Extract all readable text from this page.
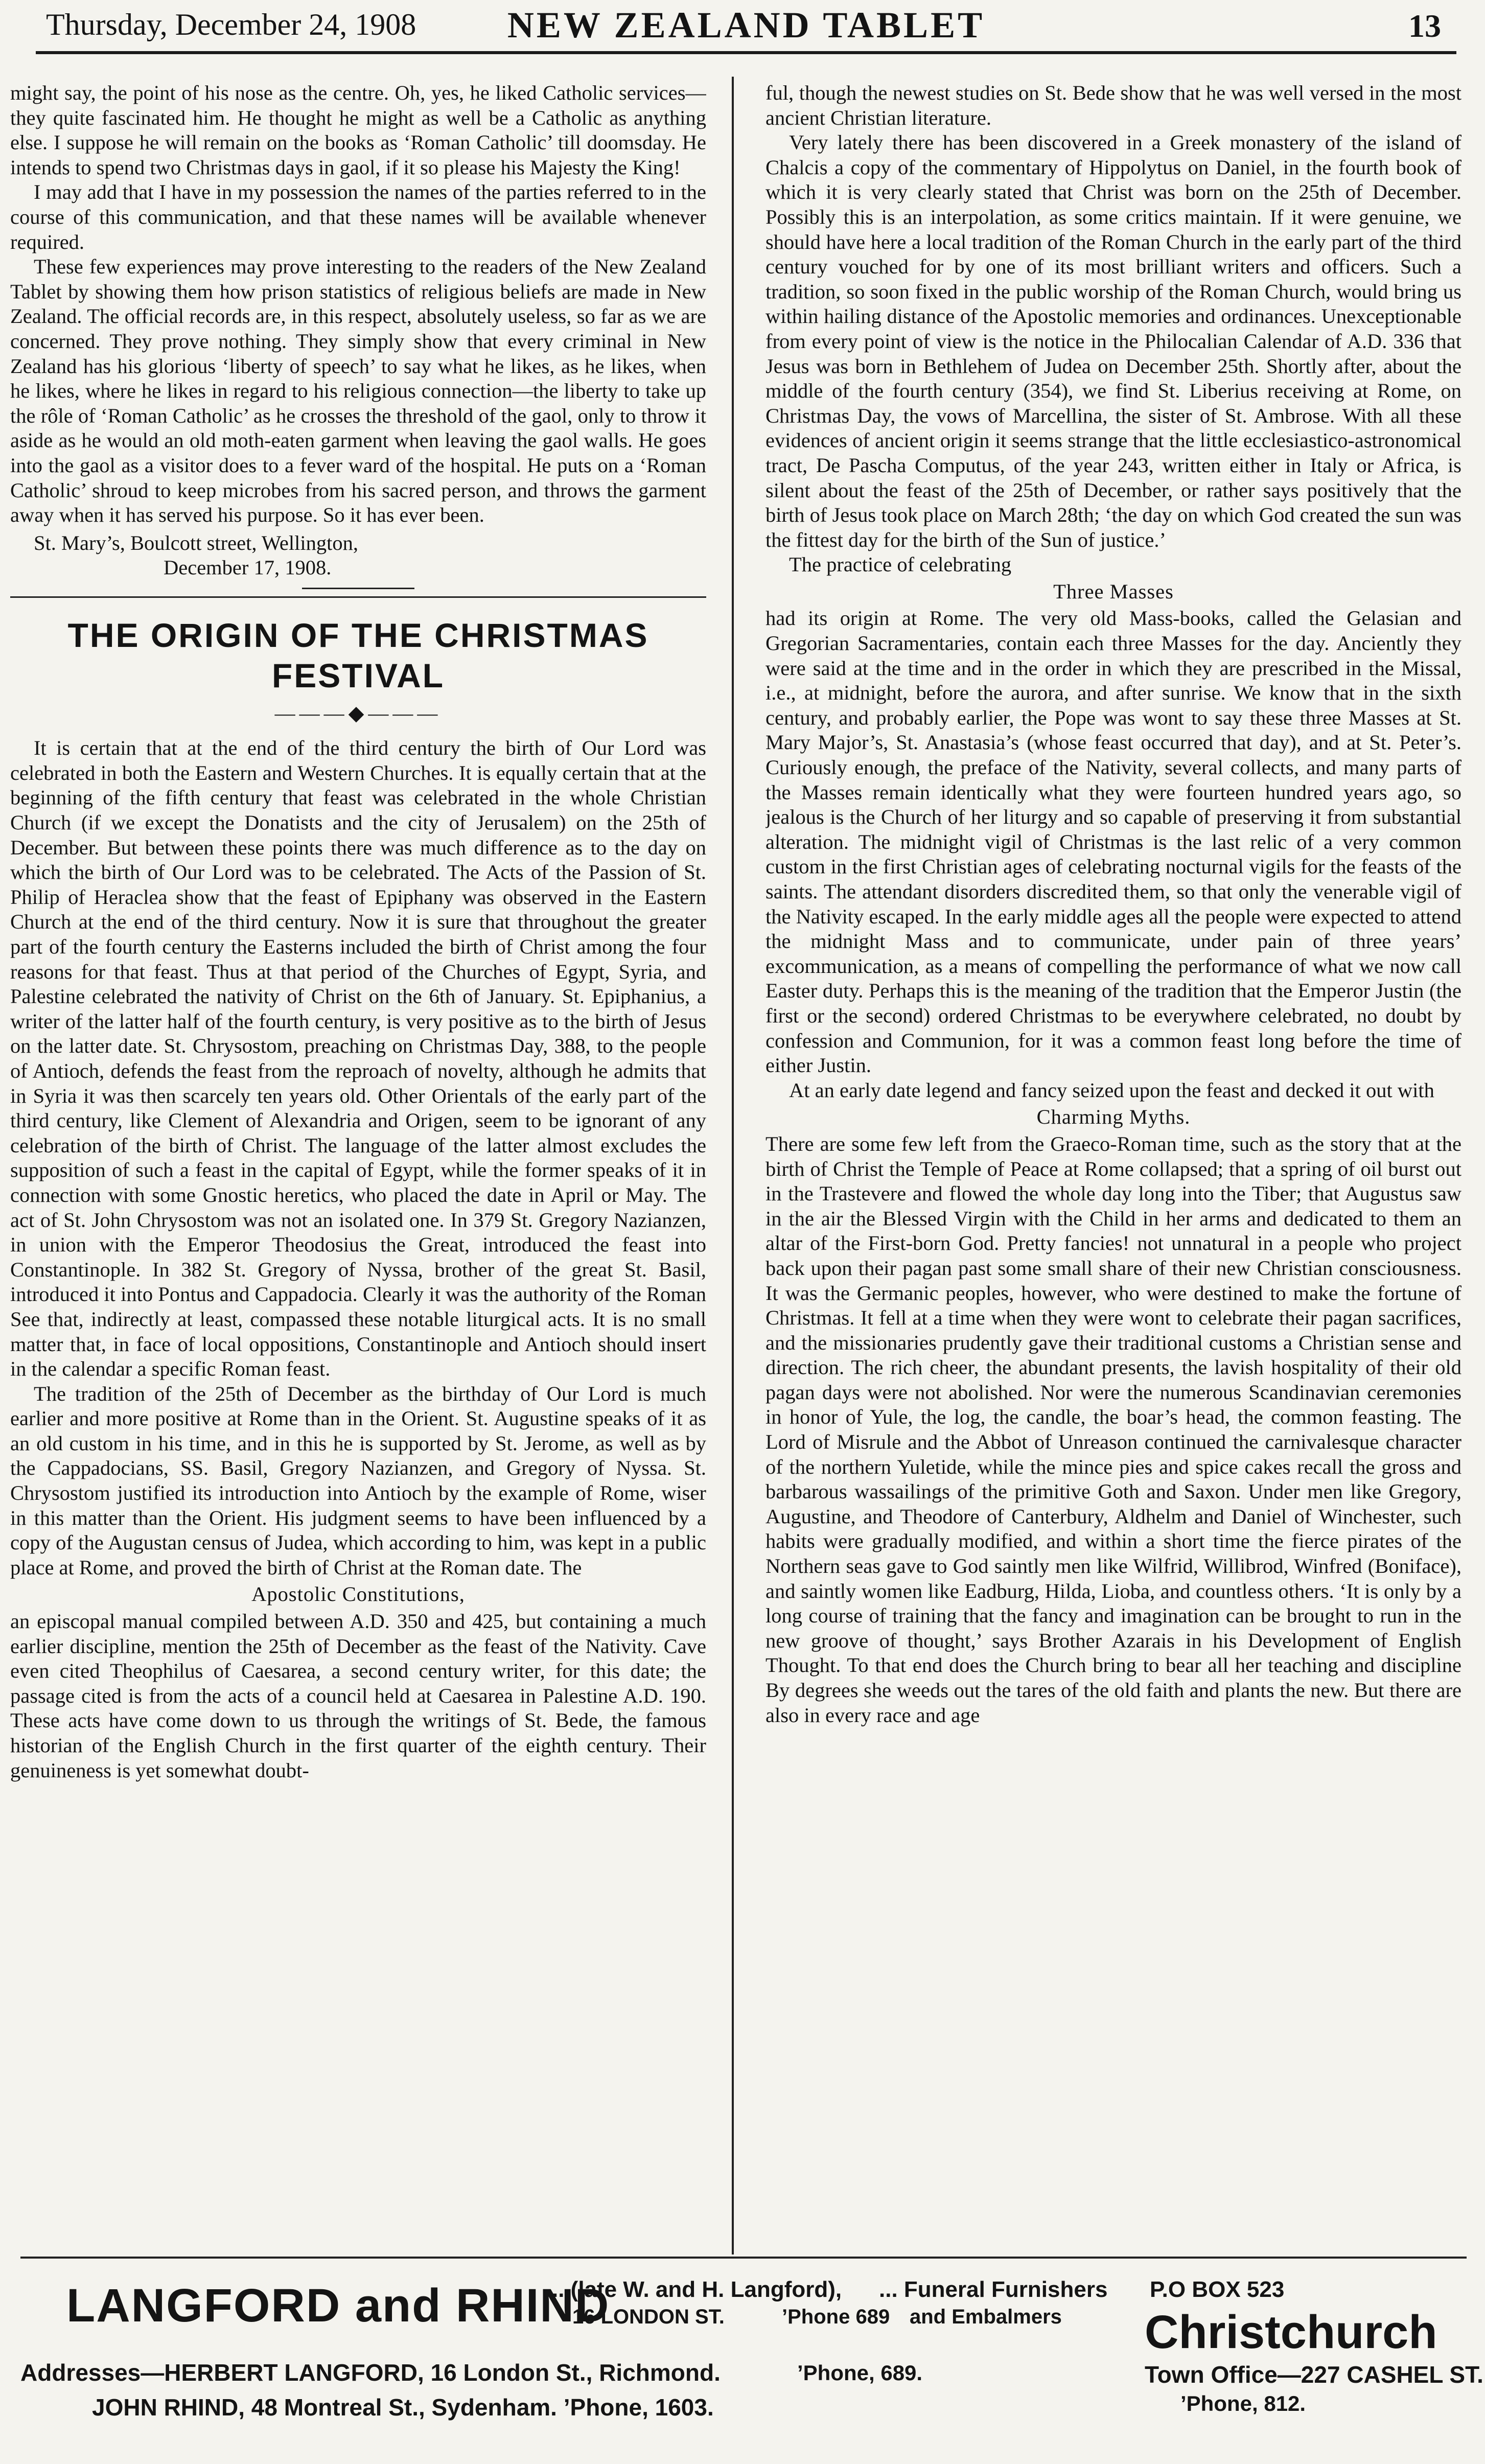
Thursday, December 24, 1908	NEW ZEALAND TABLET	13

might say, the point of his nose as the centre. Oh, yes, he liked Catholic services—they quite fascinated him. He thought he might as well be a Catholic as anything else. I suppose he will remain on the books as ‘Roman Catholic’ till doomsday. He intends to spend two Christmas days in gaol, if it so please his Majesty the King!

I may add that I have in my possession the names of the parties referred to in the course of this communication, and that these names will be available whenever required.

These few experiences may prove interesting to the readers of the New Zealand Tablet by showing them how prison statistics of religious beliefs are made in New Zealand. The official records are, in this respect, absolutely useless, so far as we are concerned. They prove nothing. They simply show that every criminal in New Zealand has his glorious ‘liberty of speech’ to say what he likes, as he likes, when he likes, where he likes in regard to his religious connection—the liberty to take up the rôle of ‘Roman Catholic’ as he crosses the threshold of the gaol, only to throw it aside as he would an old moth-eaten garment when leaving the gaol walls. He goes into the gaol as a visitor does to a fever ward of the hospital. He puts on a ‘Roman Catholic’ shroud to keep microbes from his sacred person, and throws the garment away when it has served his purpose. So it has ever been.

St. Mary’s, Boulcott street, Wellington,

December 17, 1908.

THE ORIGIN OF THE CHRISTMAS FESTIVAL
———◆———

It is certain that at the end of the third century the birth of Our Lord was celebrated in both the Eastern and Western Churches. It is equally certain that at the beginning of the fifth century that feast was celebrated in the whole Christian Church (if we except the Donatists and the city of Jerusalem) on the 25th of December. But between these points there was much difference as to the day on which the birth of Our Lord was to be celebrated. The Acts of the Passion of St. Philip of Heraclea show that the feast of Epiphany was observed in the Eastern Church at the end of the third century. Now it is sure that throughout the greater part of the fourth century the Easterns included the birth of Christ among the four reasons for that feast. Thus at that period of the Churches of Egypt, Syria, and Palestine celebrated the nativity of Christ on the 6th of January. St. Epiphanius, a writer of the latter half of the fourth century, is very positive as to the birth of Jesus on the latter date. St. Chrysostom, preaching on Christmas Day, 388, to the people of Antioch, defends the feast from the reproach of novelty, although he admits that in Syria it was then scarcely ten years old. Other Orientals of the early part of the third century, like Clement of Alexandria and Origen, seem to be ignorant of any celebration of the birth of Christ. The language of the latter almost excludes the supposition of such a feast in the capital of Egypt, while the former speaks of it in connection with some Gnostic heretics, who placed the date in April or May. The act of St. John Chrysostom was not an isolated one. In 379 St. Gregory Nazianzen, in union with the Emperor Theodosius the Great, introduced the feast into Constantinople. In 382 St. Gregory of Nyssa, brother of the great St. Basil, introduced it into Pontus and Cappadocia. Clearly it was the authority of the Roman See that, indirectly at least, compassed these notable liturgical acts. It is no small matter that, in face of local oppositions, Constantinople and Antioch should insert in the calendar a specific Roman feast.

The tradition of the 25th of December as the birthday of Our Lord is much earlier and more positive at Rome than in the Orient. St. Augustine speaks of it as an old custom in his time, and in this he is supported by St. Jerome, as well as by the Cappadocians, SS. Basil, Gregory Nazianzen, and Gregory of Nyssa. St. Chrysostom justified its introduction into Antioch by the example of Rome, wiser in this matter than the Orient. His judgment seems to have been influenced by a copy of the Augustan census of Judea, which according to him, was kept in a public place at Rome, and proved the birth of Christ at the Roman date. The

Apostolic Constitutions,

an episcopal manual compiled between A.D. 350 and 425, but containing a much earlier discipline, mention the 25th of December as the feast of the Nativity. Cave even cited Theophilus of Caesarea, a second century writer, for this date; the passage cited is from the acts of a council held at Caesarea in Palestine A.D. 190. These acts have come down to us through the writings of St. Bede, the famous historian of the English Church in the first quarter of the eighth century. Their genuineness is yet somewhat doubt-

ful, though the newest studies on St. Bede show that he was well versed in the most ancient Christian literature.

Very lately there has been discovered in a Greek monastery of the island of Chalcis a copy of the commentary of Hippolytus on Daniel, in the fourth book of which it is very clearly stated that Christ was born on the 25th of December. Possibly this is an interpolation, as some critics maintain. If it were genuine, we should have here a local tradition of the Roman Church in the early part of the third century vouched for by one of its most brilliant writers and officers. Such a tradition, so soon fixed in the public worship of the Roman Church, would bring us within hailing distance of the Apostolic memories and ordinances. Unexceptionable from every point of view is the notice in the Philocalian Calendar of A.D. 336 that Jesus was born in Bethlehem of Judea on December 25th. Shortly after, about the middle of the fourth century (354), we find St. Liberius receiving at Rome, on Christmas Day, the vows of Marcellina, the sister of St. Ambrose. With all these evidences of ancient origin it seems strange that the little ecclesiastico-astronomical tract, De Pascha Computus, of the year 243, written either in Italy or Africa, is silent about the feast of the 25th of December, or rather says positively that the birth of Jesus took place on March 28th; ‘the day on which God created the sun was the fittest day for the birth of the Sun of justice.’

The practice of celebrating

Three Masses

had its origin at Rome. The very old Mass-books, called the Gelasian and Gregorian Sacramentaries, contain each three Masses for the day. Anciently they were said at the time and in the order in which they are prescribed in the Missal, i.e., at midnight, before the aurora, and after sunrise. We know that in the sixth century, and probably earlier, the Pope was wont to say these three Masses at St. Mary Major’s, St. Anastasia’s (whose feast occurred that day), and at St. Peter’s. Curiously enough, the preface of the Nativity, several collects, and many parts of the Masses remain identically what they were fourteen hundred years ago, so jealous is the Church of her liturgy and so capable of preserving it from substantial alteration. The midnight vigil of Christmas is the last relic of a very common custom in the first Christian ages of celebrating nocturnal vigils for the feasts of the saints. The attendant disorders discredited them, so that only the venerable vigil of the Nativity escaped. In the early middle ages all the people were expected to attend the midnight Mass and to communicate, under pain of three years’ excommunication, as a means of compelling the performance of what we now call Easter duty. Perhaps this is the meaning of the tradition that the Emperor Justin (the first or the second) ordered Christmas to be everywhere celebrated, no doubt by confession and Communion, for it was a common feast long before the time of either Justin.

At an early date legend and fancy seized upon the feast and decked it out with

Charming Myths.

There are some few left from the Graeco-Roman time, such as the story that at the birth of Christ the Temple of Peace at Rome collapsed; that a spring of oil burst out in the Trastevere and flowed the whole day long into the Tiber; that Augustus saw in the air the Blessed Virgin with the Child in her arms and dedicated to them an altar of the First-born God. Pretty fancies! not unnatural in a people who project back upon their pagan past some small share of their new Christian consciousness. It was the Germanic peoples, however, who were destined to make the fortune of Christmas. It fell at a time when they were wont to celebrate their pagan sacrifices, and the missionaries prudently gave their traditional customs a Christian sense and direction. The rich cheer, the abundant presents, the lavish hospitality of their old pagan days were not abolished. Nor were the numerous Scandinavian ceremonies in honor of Yule, the log, the candle, the boar’s head, the common feasting. The Lord of Misrule and the Abbot of Unreason continued the carnivalesque character of the northern Yuletide, while the mince pies and spice cakes recall the gross and barbarous wassailings of the primitive Goth and Saxon. Under men like Gregory, Augustine, and Theodore of Canterbury, Aldhelm and Daniel of Winchester, such habits were gradually modified, and within a short time the fierce pirates of the Northern seas gave to God saintly men like Wilfrid, Willibrod, Winfred (Boniface), and saintly women like Eadburg, Hilda, Lioba, and countless others. ‘It is only by a long course of training that the fancy and imagination can be brought to run in the new groove of thought,’ says Brother Azarais in his Development of English Thought. To that end does the Church bring to bear all her teaching and discipline By degrees she weeds out the tares of the old faith and plants the new. But there are also in every race and age

LANGFORD and RHIND
...(late W. and H. Langford),
16 LONDON ST.	’Phone 689
... Funeral Furnishers
and Embalmers
P.O BOX 523
Christchurch
Addresses—HERBERT LANGFORD, 16 London St., Richmond.	’Phone, 689.
JOHN RHIND, 48 Montreal St., Sydenham. ’Phone, 1603.
Town Office—227 CASHEL ST.
’Phone, 812.
